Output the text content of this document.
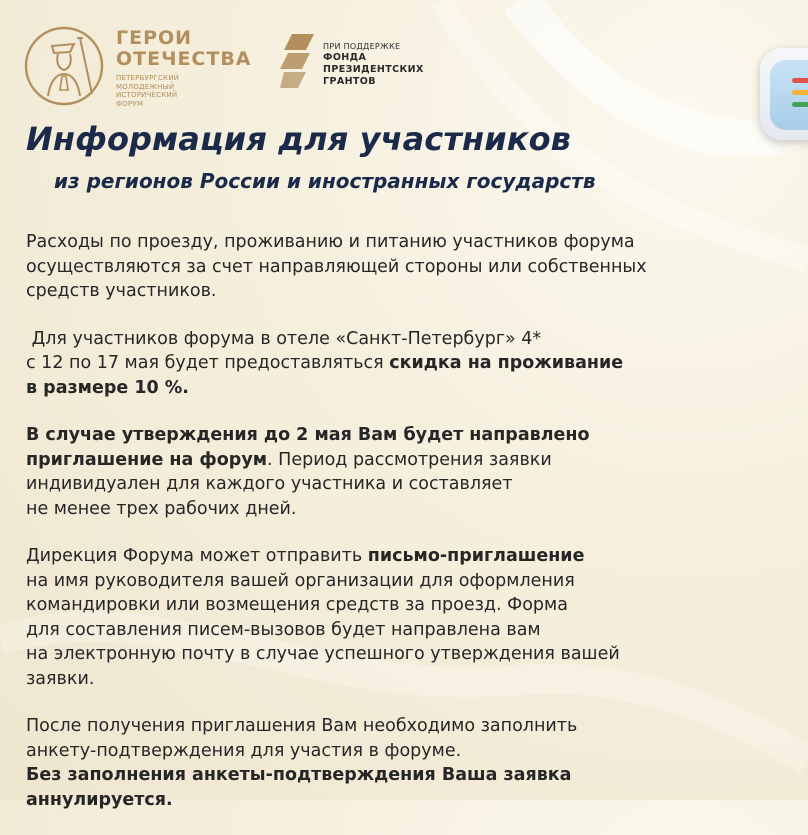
ГЕРОИ
ОТЕЧЕСТВА
ПЕТЕРБУРГСКИЙ
МОЛОДЕЖНЫЙ
ИСТОРИЧЕСКИЙ
ФОРУМ
ПРИ ПОДДЕРЖКЕ
ФОНДА
ПРЕЗИДЕНТСКИХ
ГРАНТОВ
Информация для участников
из регионов России и иностранных государств

Расходы по проезду, проживанию и питанию участников форума
осуществляются за счет направляющей стороны или собственных
средств участников.

Для участников форума в отеле «Санкт-Петербург» 4*
с 12 по 17 мая будет предоставляться скидка на проживание
в размере 10 %.

В случае утверждения до 2 мая Вам будет направлено
приглашение на форум. Период рассмотрения заявки
индивидуален для каждого участника и составляет
не менее трех рабочих дней.

Дирекция Форума может отправить письмо-приглашение
на имя руководителя вашей организации для оформления
командировки или возмещения средств за проезд. Форма
для составления писем-вызовов будет направлена вам
на электронную почту в случае успешного утверждения вашей
заявки.

После получения приглашения Вам необходимо заполнить
анкету-подтверждения для участия в форуме.
Без заполнения анкеты-подтверждения Ваша заявка
аннулируется.
